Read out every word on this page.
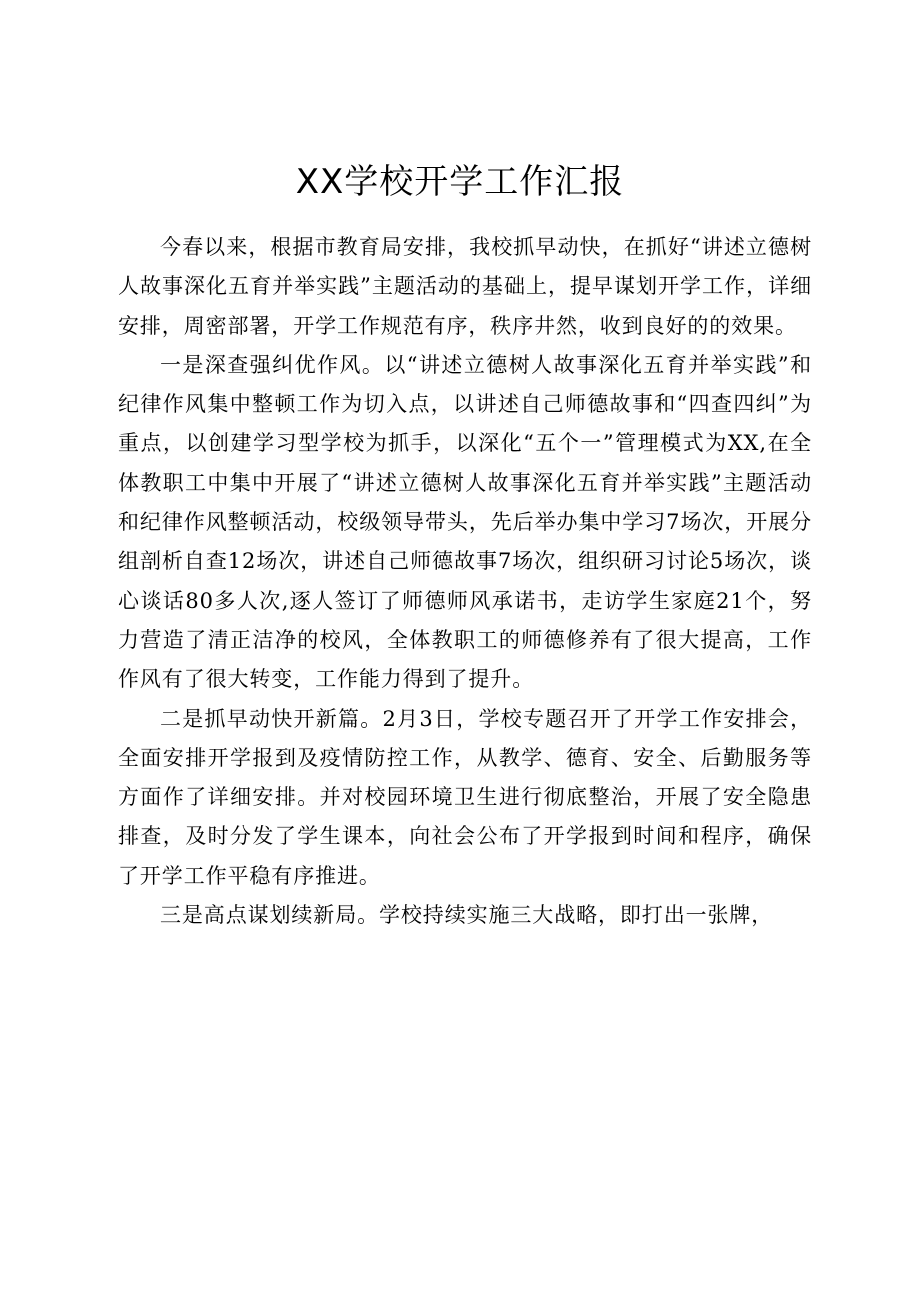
XX学校开学工作汇报

今春以来，根据市教育局安排，我校抓早动快，在抓好“讲述立德树人故事深化五育并举实践”主题活动的基础上，提早谋划开学工作，详细安排，周密部署，开学工作规范有序，秩序井然，收到良好的的效果。

一是深查强纠优作风。以“讲述立德树人故事深化五育并举实践”和纪律作风集中整顿工作为切入点，以讲述自己师德故事和“四查四纠”为重点，以创建学习型学校为抓手，以深化“五个一”管理模式为XX,在全体教职工中集中开展了“讲述立德树人故事深化五育并举实践”主题活动和纪律作风整顿活动，校级领导带头，先后举办集中学习7场次，开展分组剖析自查12场次，讲述自己师德故事7场次，组织研习讨论5场次，谈心谈话80多人次,逐人签订了师德师风承诺书，走访学生家庭21个，努力营造了清正洁净的校风，全体教职工的师德修养有了很大提高，工作作风有了很大转变，工作能力得到了提升。

二是抓早动快开新篇。2月3日，学校专题召开了开学工作安排会，全面安排开学报到及疫情防控工作，从教学、德育、安全、后勤服务等方面作了详细安排。并对校园环境卫生进行彻底整治，开展了安全隐患排查，及时分发了学生课本，向社会公布了开学报到时间和程序，确保了开学工作平稳有序推进。

三是高点谋划续新局。学校持续实施三大战略，即打出一张牌，
